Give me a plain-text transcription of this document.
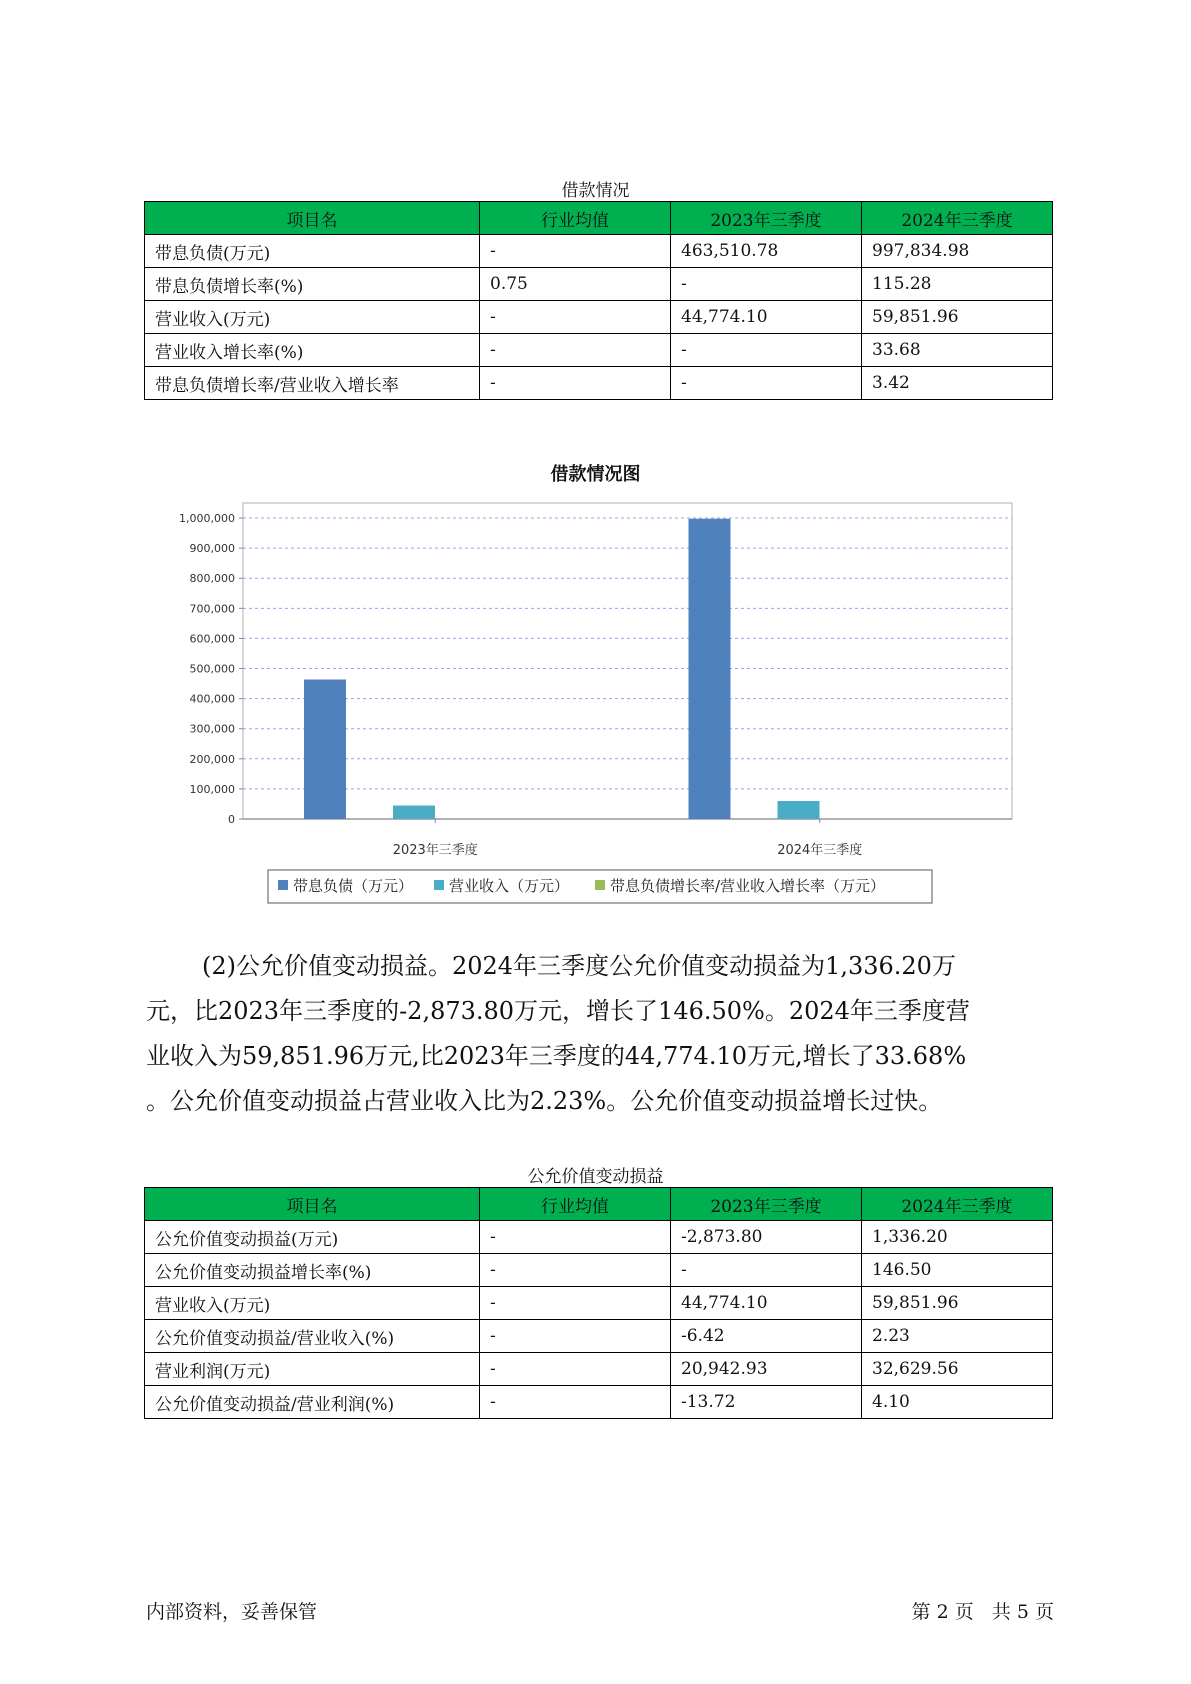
借款情况
项目名	行业均值	2023年三季度	2024年三季度
带息负债(万元)	-	463,510.78	997,834.98
带息负债增长率(%)	0.75	-	115.28
营业收入(万元)	-	44,774.10	59,851.96
营业收入增长率(%)	-	-	33.68
带息负债增长率/营业收入增长率	-	-	3.42
借款情况图
0
100,000
200,000
300,000
400,000
500,000
600,000
700,000
800,000
900,000
1,000,000
2023年三季度	2024年三季度
带息负债（万元） 营业收入（万元）	带息负债增长率/营业收入增长率（万元）
(2)公允价值变动损益。2024年三季度公允价值变动损益为1,336.20万
元，比2023年三季度的-2,873.80万元，增长了146.50%。2024年三季度营
业收入为59,851.96万元,比2023年三季度的44,774.10万元,增长了33.68%
。公允价值变动损益占营业收入比为2.23%。公允价值变动损益增长过快。
公允价值变动损益
项目名	行业均值	2023年三季度	2024年三季度
公允价值变动损益(万元)	-	-2,873.80	1,336.20
公允价值变动损益增长率(%)	-	-	146.50
营业收入(万元)	-	44,774.10	59,851.96
公允价值变动损益/营业收入(%)	-	-6.42	2.23
营业利润(万元)	-	20,942.93	32,629.56
公允价值变动损益/营业利润(%)	-	-13.72	4.10
内部资料，妥善保管	第 2 页   共 5 页
